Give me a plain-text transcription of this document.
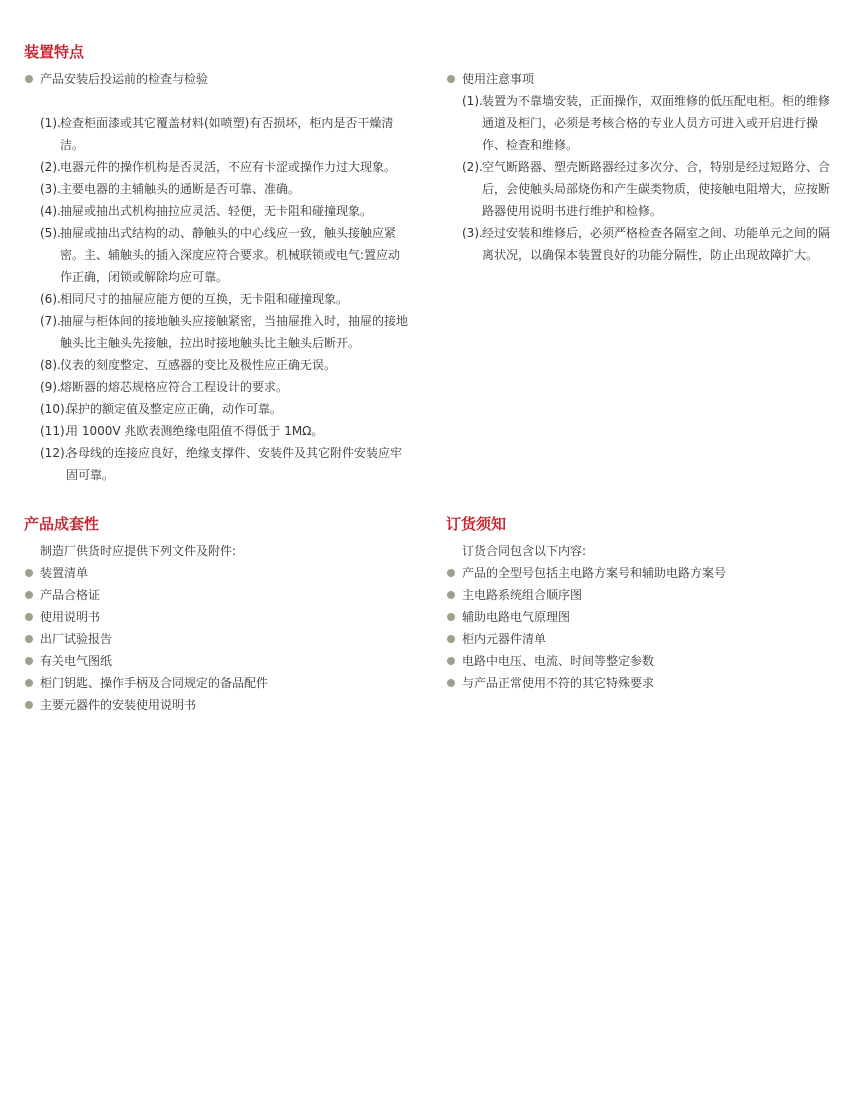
装置特点
产品安装后投运前的检查与检验
(1). 检查柜面漆或其它覆盖材料(如喷塑)有否损坏，柜内是否干燥清洁。
(2). 电器元件的操作机构是否灵活，不应有卡涩或操作力过大现象。
(3). 主要电器的主辅触头的通断是否可靠、准确。
(4). 抽屉或抽出式机构抽拉应灵活、轻便，无卡阻和碰撞现象。
(5). 抽屉或抽出式结构的动、静触头的中心线应一致，触头接触应紧密。主、辅触头的插入深度应符合要求。机械联锁或电气:置应动作正确，闭锁或解除均应可靠。
(6). 相同尺寸的抽屉应能方便的互换，无卡阻和碰撞现象。
(7). 抽屉与柜体间的接地触头应接触紧密，当抽屉推入时，抽屉的接地触头比主触头先接触，拉出时接地触头比主触头后断开。
(8). 仪表的刻度整定、互感器的变比及极性应正确无误。
(9). 熔断器的熔芯规格应符合工程设计的要求。
(10).
保护的额定值及整定应正确，动作可靠。
(11).
用 1000V 兆欧表测绝缘电阻值不得低于 1MΩ。
(12).
各母线的连接应良好，绝缘支撑件、安装件及其它附件安装应牢固可靠。
使用注意事项
(1). 装置为不靠墙安装，正面操作，双面维修的低压配电柜。柜的维修通道及柜门，必须是考核合格的专业人员方可进入或开启进行操作、检查和维修。
(2). 空气断路器、塑壳断路器经过多次分、合，特别是经过短路分、合后，会使触头局部烧伤和产生碳类物质，使接触电阻增大，应按断路器使用说明书进行维护和检修。
(3). 经过安装和维修后，必须严格检查各隔室之间、功能单元之间的隔离状况，以确保本装置良好的功能分隔性，防止出现故障扩大。
产品成套性
制造厂供货时应提供下列文件及附件:
装置清单
产品合格证
使用说明书
出厂试验报告
有关电气图纸
柜门钥匙、操作手柄及合同规定的备品配件
主要元器件的安装使用说明书
订货须知
订货合同包含以下内容:
产品的全型号包括主电路方案号和辅助电路方案号
主电路系统组合顺序图
辅助电路电气原理图
柜内元器件清单
电路中电压、电流、时间等整定参数
与产品正常使用不符的其它特殊要求
